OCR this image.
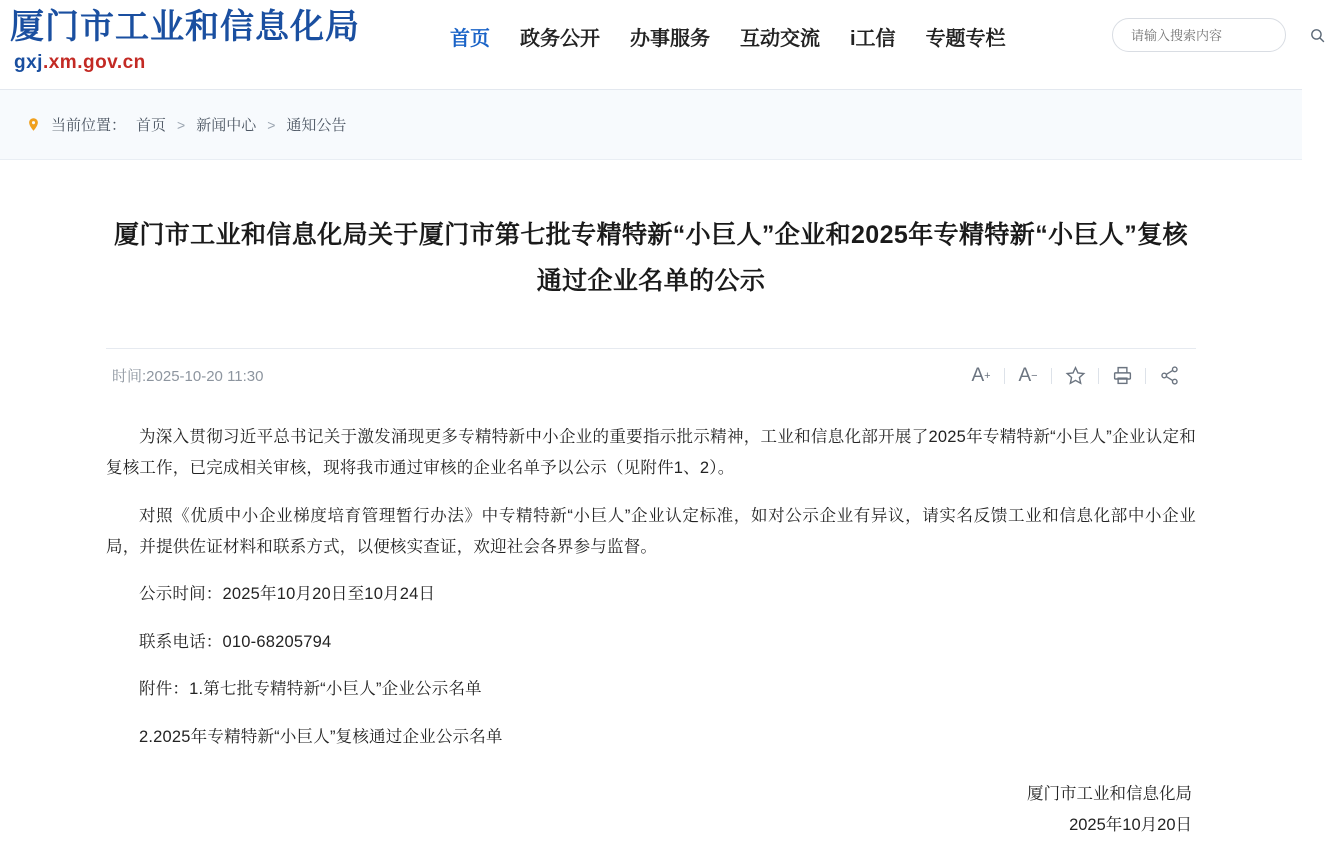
厦门市工业和信息化局
gxj.xm.gov.cn
首页 政务公开 办事服务 互动交流 i工信 专题专栏
请输入搜索内容
当前位置： 首页 > 新闻中心 > 通知公告
厦门市工业和信息化局关于厦门市第七批专精特新“小巨人”企业和2025年专精特新“小巨人”复核 通过企业名单的公示
时间:2025-10-20 11:30	A + A −

为深入贯彻习近平总书记关于激发涌现更多专精特新中小企业的重要指示批示精神，工业和信息化部开展了2025年专精特新“小巨人”企业认定和复核工作，已完成相关审核，现将我市通过审核的企业名单予以公示（见附件1、2）。

对照《优质中小企业梯度培育管理暂行办法》中专精特新“小巨人”企业认定标准，如对公示企业有异议，请实名反馈工业和信息化部中小企业局，并提供佐证材料和联系方式，以便核实查证，欢迎社会各界参与监督。

公示时间：2025年10月20日至10月24日

联系电话：010-68205794

附件：1.第七批专精特新“小巨人”企业公示名单

2.2025年专精特新“小巨人”复核通过企业公示名单

厦门市工业和信息化局
2025年10月20日
